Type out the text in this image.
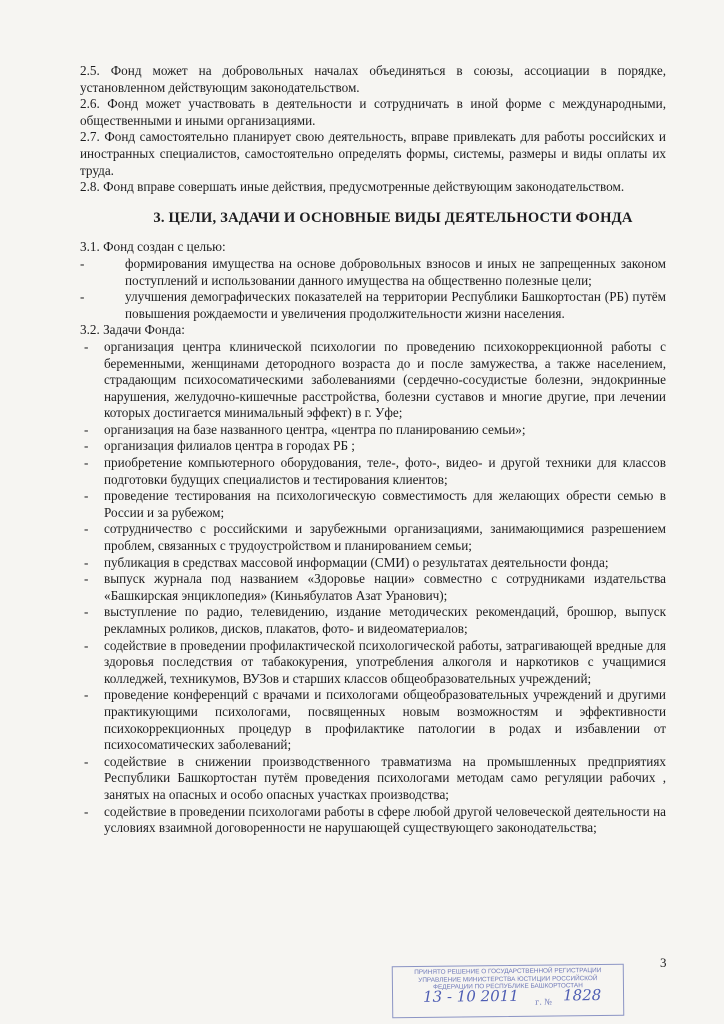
2.5. Фонд может на добровольных началах объединяться в союзы, ассоциации в порядке, установленном действующим законодательством.

2.6. Фонд может участвовать в деятельности и сотрудничать в иной форме с международными, общественными и иными организациями.

2.7. Фонд самостоятельно планирует свою деятельность, вправе привлекать для работы российских и иностранных специалистов, самостоятельно определять формы, системы, размеры и виды оплаты их труда.

2.8. Фонд вправе совершать иные действия, предусмотренные действующим законодательством.

3. ЦЕЛИ, ЗАДАЧИ И ОСНОВНЫЕ ВИДЫ ДЕЯТЕЛЬНОСТИ ФОНДА

3.1. Фонд создан с целью:

-	формирования имущества на основе добровольных взносов и иных не запрещенных законом поступлений и использовании данного имущества на общественно полезные цели;

-	улучшения демографических показателей на территории Республики Башкортостан (РБ) путём повышения рождаемости и увеличения продолжительности жизни населения.

3.2. Задачи Фонда:

- организация центра клинической психологии по проведению психокоррекционной работы с беременными, женщинами детородного возраста до и после замужества, а также населением, страдающим психосоматическими заболеваниями (сердечно-сосудистые болезни, эндокринные нарушения, желудочно-кишечные расстройства, болезни суставов и многие другие, при лечении которых достигается минимальный эффект) в г. Уфе;

- организация на базе названного центра, «центра по планированию семьи»;

- организация филиалов центра в городах РБ ;

- приобретение компьютерного оборудования, теле-, фото-, видео- и другой техники для классов подготовки будущих специалистов и тестирования клиентов;

- проведение тестирования на психологическую совместимость для желающих обрести семью в России и за рубежом;

- сотрудничество с российскими и зарубежными организациями, занимающимися разрешением проблем, связанных с трудоустройством и планированием семьи;

- публикация в средствах массовой информации (СМИ) о результатах деятельности фонда;

- выпуск журнала под названием «Здоровье нации» совместно с сотрудниками издательства «Башкирская энциклопедия» (Киньябулатов Азат Уранович);

- выступление по радио, телевидению, издание методических рекомендаций, брошюр, выпуск рекламных роликов, дисков, плакатов, фото- и видеоматериалов;

- содействие в проведении профилактической психологической работы, затрагивающей вредные для здоровья последствия от табакокурения, употребления алкоголя и наркотиков с учащимися колледжей, техникумов, ВУЗов и старших классов общеобразовательных учреждений;

- проведение конференций с врачами и психологами общеобразовательных учреждений и другими практикующими психологами, посвященных новым возможностям и эффективности психокоррекционных процедур в профилактике патологии в родах и избавлении от психосоматических заболеваний;

- содействие в снижении производственного травматизма на промышленных предприятиях Республики Башкортостан путём проведения психологами методам само регуляции рабочих , занятых на опасных и особо опасных участках производства;

- содействие в проведении психологами работы в сфере любой другой человеческой деятельности на условиях взаимной договоренности не нарушающей существующего законодательства;

3
ПРИНЯТО РЕШЕНИЕ О ГОСУДАРСТВЕННОЙ РЕГИСТРАЦИИ
УПРАВЛЕНИЕ МИНИСТЕРСТВА ЮСТИЦИИ РОССИЙСКОЙ
ФЕДЕРАЦИИ ПО РЕСПУБЛИКЕ БАШКОРТОСТАН
13 - 10 2011 г. № 1828
